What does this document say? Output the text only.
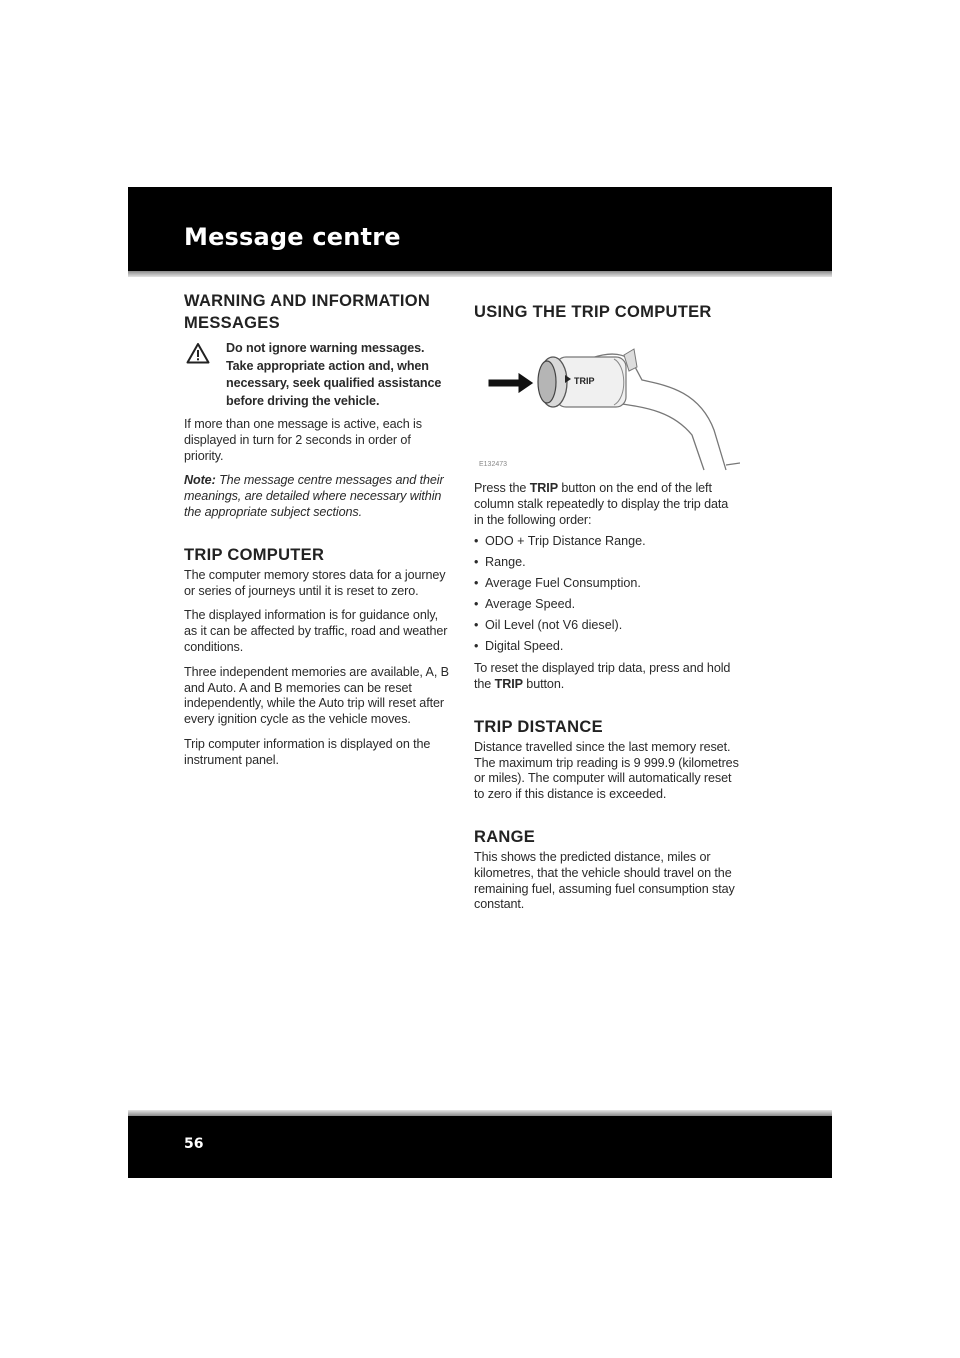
Message centre
WARNING AND INFORMATION MESSAGES

Do not ignore warning messages. Take appropriate action and, when necessary, seek qualified assistance before driving the vehicle.

If more than one message is active, each is displayed in turn for 2 seconds in order of priority.

Note: The message centre messages and their meanings, are detailed where necessary within the appropriate subject sections.

TRIP COMPUTER

The computer memory stores data for a journey or series of journeys until it is reset to zero.

The displayed information is for guidance only, as it can be affected by traffic, road and weather conditions.

Three independent memories are available, A, B and Auto. A and B memories can be reset independently, while the Auto trip will reset after every ignition cycle as the vehicle moves.

Trip computer information is displayed on the instrument panel.

USING THE TRIP COMPUTER
TRIP
E132473

Press the TRIP button on the end of the left column stalk repeatedly to display the trip data in the following order:

• ODO + Trip Distance Range.
• Range.
• Average Fuel Consumption.
• Average Speed.
• Oil Level (not V6 diesel).
• Digital Speed.

To reset the displayed trip data, press and hold the TRIP button.

TRIP DISTANCE

Distance travelled since the last memory reset. The maximum trip reading is 9 999.9 (kilometres or miles). The computer will automatically reset to zero if this distance is exceeded.

RANGE

This shows the predicted distance, miles or kilometres, that the vehicle should travel on the remaining fuel, assuming fuel consumption stay constant.

56
